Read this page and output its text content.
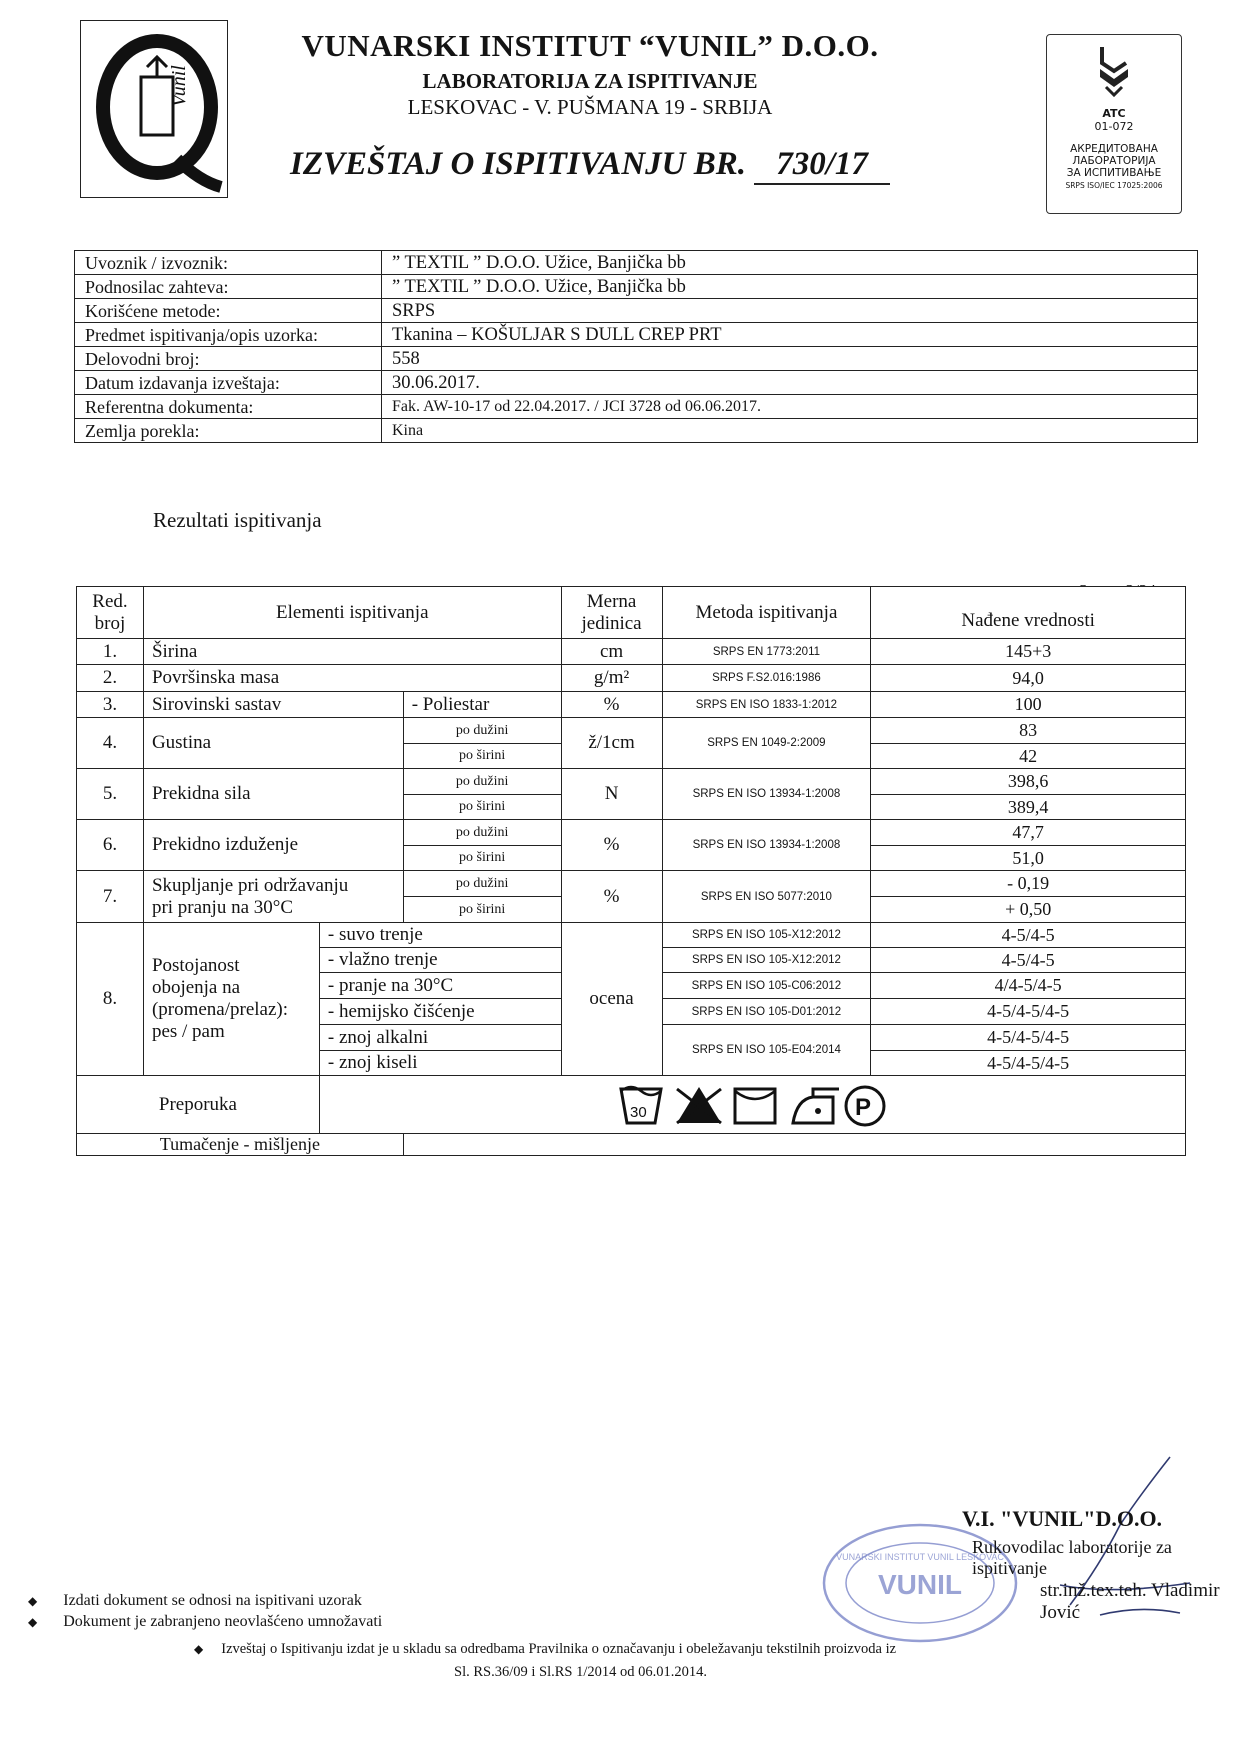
Vunil
VUNARSKI INSTITUT “VUNIL” D.O.O.
LABORATORIJA ZA ISPITIVANJE
LESKOVAC - V. PUŠMANA 19 - SRBIJA
IZVEŠTAJ O ISPITIVANJU BR. 730/17
ATC
01-072
АКРЕДИТОВАНА
ЛАБОРАТОРИЈА
ЗА ИСПИТИВАЊЕ
SRPS ISO/IEC 17025:2006
Uvoznik / izvoznik:	” TEXTIL ” D.O.O. Užice, Banjička bb
Podnosilac zahteva:	” TEXTIL ” D.O.O. Užice, Banjička bb
Korišćene metode:	SRPS
Predmet ispitivanja/opis uzorka:	Tkanina – KOŠULJAR S DULL CREP PRT
Delovodni broj:	558
Datum izdavanja izveštaja:	30.06.2017.
Referentna dokumenta:	Fak. AW-10-17 od 22.04.2017. / JCI 3728 od 06.06.2017.
Zemlja porekla:	Kina
Rezultati ispitivanja
Red. broj	Elementi ispitivanja			Merna jedinica	Metoda ispitivanja	Nađene vrednosti
1.	Širina			cm	SRPS EN 1773:2011	145+3
2.	Površinska masa			g/m²	SRPS F.S2.016:1986	94,0
3.	Sirovinski sastav		- Poliestar	%	SRPS EN ISO 1833-1:2012	100
4.	Gustina		po dužini	ž/1cm	SRPS EN 1049-2:2009	83
			po širini			42
5.	Prekidna sila		po dužini	N	SRPS EN ISO 13934-1:2008	398,6
			po širini			389,4
6.	Prekidno izduženje		po dužini	%	SRPS EN ISO 13934-1:2008	47,7
			po širini			51,0
7.	Skupljanje pri održavanju
pri pranju na 30°C		po dužini	%	SRPS EN ISO 5077:2010	- 0,19
			po širini			+ 0,50
8.	Postojanost
obojenja na
(promena/prelaz):
pes / pam	- suvo trenje		ocena	SRPS EN ISO 105-X12:2012	4-5/4-5
		- vlažno trenje			SRPS EN ISO 105-X12:2012	4-5/4-5
		- pranje na 30°C			SRPS EN ISO 105-C06:2012	4/4-5/4-5
		- hemijsko čišćenje			SRPS EN ISO 105-D01:2012	4-5/4-5/4-5
		- znoj alkalni			SRPS EN ISO 105-E04:2014	4-5/4-5/4-5
		- znoj kiseli				4-5/4-5/4-5
Preporuka		30 P				

Tumačenje - mišljenje						
VUNIL
VUNARSKI INSTITUT VUNIL LESKOVAC
V.I. "VUNIL"D.O.O.
Rukovodilac laboratorije za ispitivanje
str.inž.tex.teh. Vladimir Jović
◆ Izdati dokument se odnosi na ispitivani uzorak
◆ Dokument je zabranjeno neovlašćeno umnožavati
◆ Izveštaj o Ispitivanju izdat je u skladu sa odredbama Pravilnika o označavanju i obeležavanju tekstilnih proizvoda iz
Sl. RS.36/09 i Sl.RS 1/2014 od 06.01.2014.
